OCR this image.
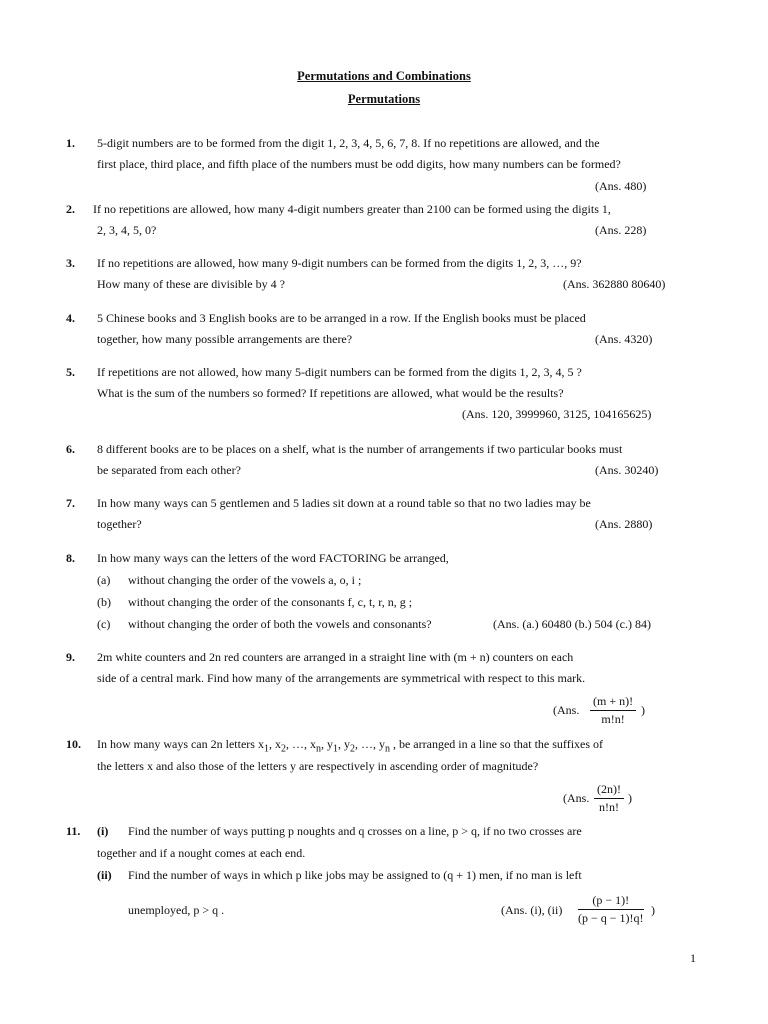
Permutations and Combinations
Permutations
1. 5-digit numbers are to be formed from the digit 1, 2, 3, 4, 5, 6, 7, 8. If no repetitions are allowed, and the
first place, third place, and fifth place of the numbers must be odd digits, how many numbers can be formed?
(Ans. 480)
2. If no repetitions are allowed, how many 4-digit numbers greater than 2100 can be formed using the digits 1,
2, 3, 4, 5, 0?	(Ans. 228)
3. If no repetitions are allowed, how many 9-digit numbers can be formed from the digits 1, 2, 3, …, 9?
How many of these are divisible by 4 ?	(Ans. 362880 80640)
4. 5 Chinese books and 3 English books are to be arranged in a row. If the English books must be placed
together, how many possible arrangements are there?	(Ans. 4320)
5. If repetitions are not allowed, how many 5-digit numbers can be formed from the digits 1, 2, 3, 4, 5 ?
What is the sum of the numbers so formed? If repetitions are allowed, what would be the results?
(Ans. 120, 3999960, 3125, 104165625)
6. 8 different books are to be places on a shelf, what is the number of arrangements if two particular books must
be separated from each other?	(Ans. 30240)
7. In how many ways can 5 gentlemen and 5 ladies sit down at a round table so that no two ladies may be
together?	(Ans. 2880)
8. In how many ways can the letters of the word FACTORING be arranged,
(a) without changing the order of the vowels a, o, i ;
(b) without changing the order of the consonants f, c, t, r, n, g ;
(c) without changing the order of both the vowels and consonants?	(Ans. (a.) 60480 (b.) 504 (c.) 84)
9. 2m white counters and 2n red counters are arranged in a straight line with (m + n) counters on each
side of a central mark. Find how many of the arrangements are symmetrical with respect to this mark.
(Ans. $\frac{(m + n)!}{m!n!}$ )
10. In how many ways can 2n letters $x_1$, $x_2$, …, $x_n$, $y_1$, $y_2$, …, $y_n$ , be arranged in a line so that the suffixes of
the letters x and also those of the letters y are respectively in ascending order of magnitude?
(Ans. $\frac{(2n)!}{n!n!}$ )
11. (i) Find the number of ways putting p noughts and q crosses on a line, p > q, if no two crosses are
together and if a nought comes at each end.
(ii) Find the number of ways in which p like jobs may be assigned to (q + 1) men, if no man is left
unemployed, p > q .	(Ans. (i), $(ii) \frac{(p - 1)!}{(p - q - 1)!q!}$ )
1
